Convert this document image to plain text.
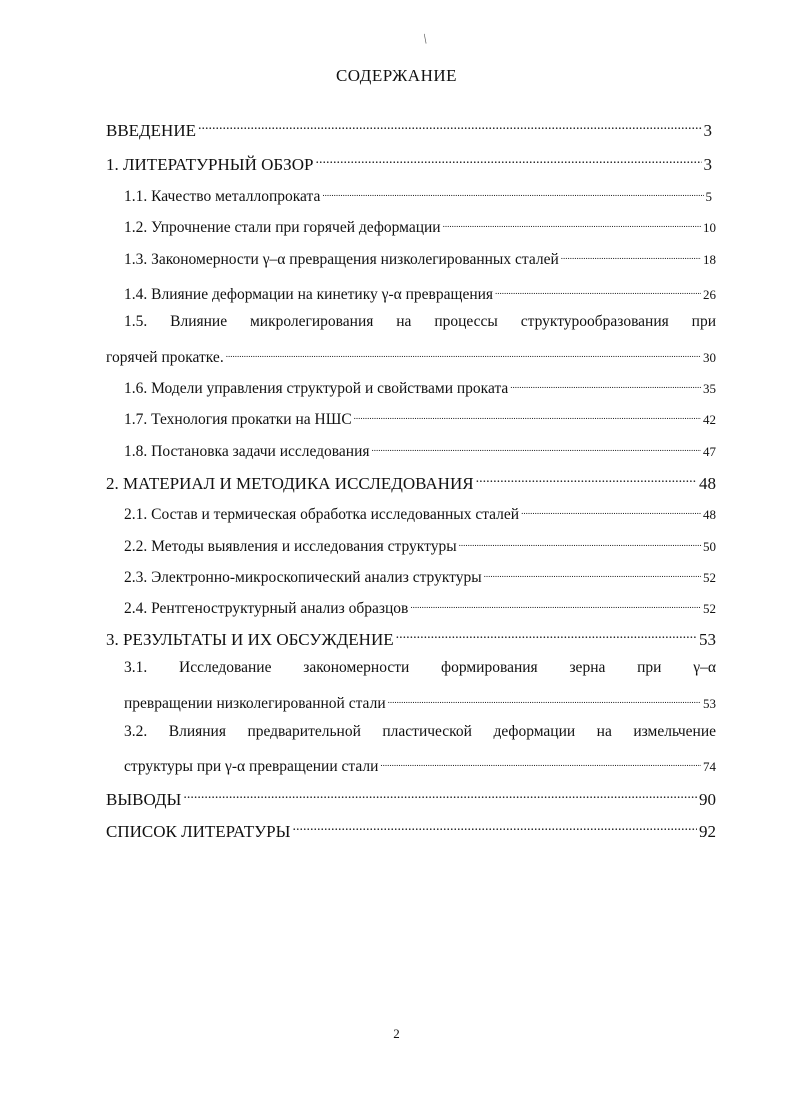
/
СОДЕРЖАНИЕ
ВВЕДЕНИЕ .....	3
1. ЛИТЕРАТУРНЫЙ ОБЗОР .....	3
1.1. Качество металлопроката .....	5
1.2. Упрочнение стали при горячей деформации .....	10
1.3. Закономерности γ–α превращения низколегированных сталей .....	18
1.4. Влияние деформации на кинетику γ-α превращения .....	26
1.5. Влияние микролегирования на процессы структурообразования при
горячей прокатке. .....	30
1.6. Модели управления структурой и свойствами проката .....	35
1.7. Технология прокатки на НШС .....	42
1.8. Постановка задачи исследования .....	47
2. МАТЕРИАЛ И МЕТОДИКА ИССЛЕДОВАНИЯ .....	48
2.1. Состав и термическая обработка исследованных сталей .....	48
2.2. Методы выявления и исследования структуры .....	50
2.3. Электронно-микроскопический анализ структуры .....	52
2.4. Рентгеноструктурный анализ образцов .....	52
3. РЕЗУЛЬТАТЫ И ИХ ОБСУЖДЕНИЕ .....	53
3.1. Исследование закономерности формирования зерна при γ–α
превращении низколегированной стали .....	53
3.2. Влияния предварительной пластической деформации на измельчение
структуры при γ-α превращении стали .....	74
ВЫВОДЫ .....	90
СПИСОК ЛИТЕРАТУРЫ .....	92
2
